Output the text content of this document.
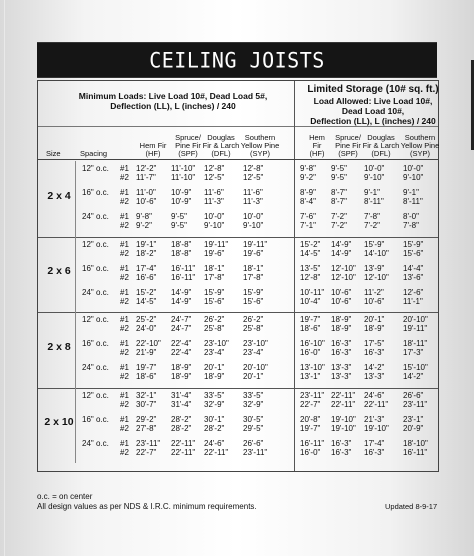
CEILING JOISTS
Minimum Loads: Live Load 10#, Dead Load 5#,
Deflection (LL), L (inches) / 240
Limited Storage (10# sq. ft.)
Load Allowed: Live Load 10#,
Dead Load 10#,
Deflection (LL), L (inches) / 240
Size	Spacing
Hem Fir
(HF)
Spruce/
Pine Fir
(SPF)
Douglas
Fir & Larch
(DFL)
Southern
Yellow Pine
(SYP)
Hem
Fir
(HF)
Spruce/
Pine Fir
(SPF)
Douglas
Fir & Larch
(DFL)
Southern
Yellow Pine
(SYP)
2 x 4
12" o.c. #1 12'-2" 11'-10" 12'-8" 12'-8"	9'-8" 9'-5" 10'-0" 10'-0"
#2 11'-7" 11'-10" 12'-5" 12'-5"	9'-2" 9'-5" 9'-10" 9'-10"
16" o.c. #1 11'-0" 10'-9" 11'-6" 11'-6"	8'-9" 8'-7" 9'-1"	9'-1"
#2 10'-6" 10'-9" 11'-3" 11'-3"	8'-4" 8'-7" 8'-11" 8'-11"
24" o.c. #1 9'-8" 9'-5" 10'-0" 10'-0"	7'-6" 7'-2" 7'-8"	8'-0"
#2 9'-2" 9'-5" 9'-10" 9'-10"	7'-1" 7'-2" 7'-2"	7'-8"
2 x 6
12" o.c. #1 19'-1" 18'-8" 19'-11" 19'-11"	15'-2" 14'-9" 15'-9" 15'-9"
#2 18'-2" 18'-8" 19'-6" 19'-6"	14'-5" 14'-9" 14'-10" 15'-6"
16" o.c. #1 17'-4" 16'-11" 18'-1" 18'-1"	13'-5" 12'-10" 13'-9" 14'-4"
#2 16'-6" 16'-11" 17'-8" 17'-8"	12'-8" 12'-10" 12'-10" 13'-6"
24" o.c. #1 15'-2" 14'-9" 15'-9" 15'-9"	10'-11" 10'-6" 11'-2" 12'-6"
#2 14'-5" 14'-9" 15'-6" 15'-6"	10'-4" 10'-6" 10'-6" 11'-1"
2 x 8
12" o.c. #1 25'-2" 24'-7" 26'-2" 26'-2"	19'-7" 18'-9" 20'-1" 20'-10"
#2 24'-0" 24'-7" 25'-8" 25'-8"	18'-6" 18'-9" 18'-9" 19'-11"
16" o.c. #1 22'-10" 22'-4" 23'-10" 23'-10"	16'-10" 16'-3" 17'-5" 18'-11"
#2 21'-9" 22'-4" 23'-4" 23'-4"	16'-0" 16'-3" 16'-3" 17'-3"
24" o.c. #1 19'-7" 18'-9" 20'-1" 20'-10"	13'-10" 13'-3" 14'-2" 15'-10"
#2 18'-6" 18'-9" 18'-9" 20'-1"	13'-1" 13'-3" 13'-3" 14'-2"
2 x 10
12" o.c. #1 32'-1" 31'-4" 33'-5" 33'-5"	23'-11" 22'-11" 24'-6" 26'-6"
#2 30'-7" 31'-4" 32'-9" 32'-9"	22'-7" 22'-11" 22'-11" 23'-11"
16" o.c. #1 29'-2" 28'-2" 30'-1" 30'-5"	20'-8" 19'-10" 21'-3" 23'-1"
#2 27'-8" 28'-2" 28'-2" 29'-5"	19'-7" 19'-10" 19'-10" 20'-9"
24" o.c. #1 23'-11" 22'-11" 24'-6" 26'-6"	16'-11" 16'-3" 17'-4" 18'-10"
#2 22'-7" 22'-11" 22'-11" 23'-11"	16'-0" 16'-3" 16'-3" 16'-11"
o.c. = on center
All design values as per NDS & I.R.C. minimum requirements.	Updated 8-9-17
